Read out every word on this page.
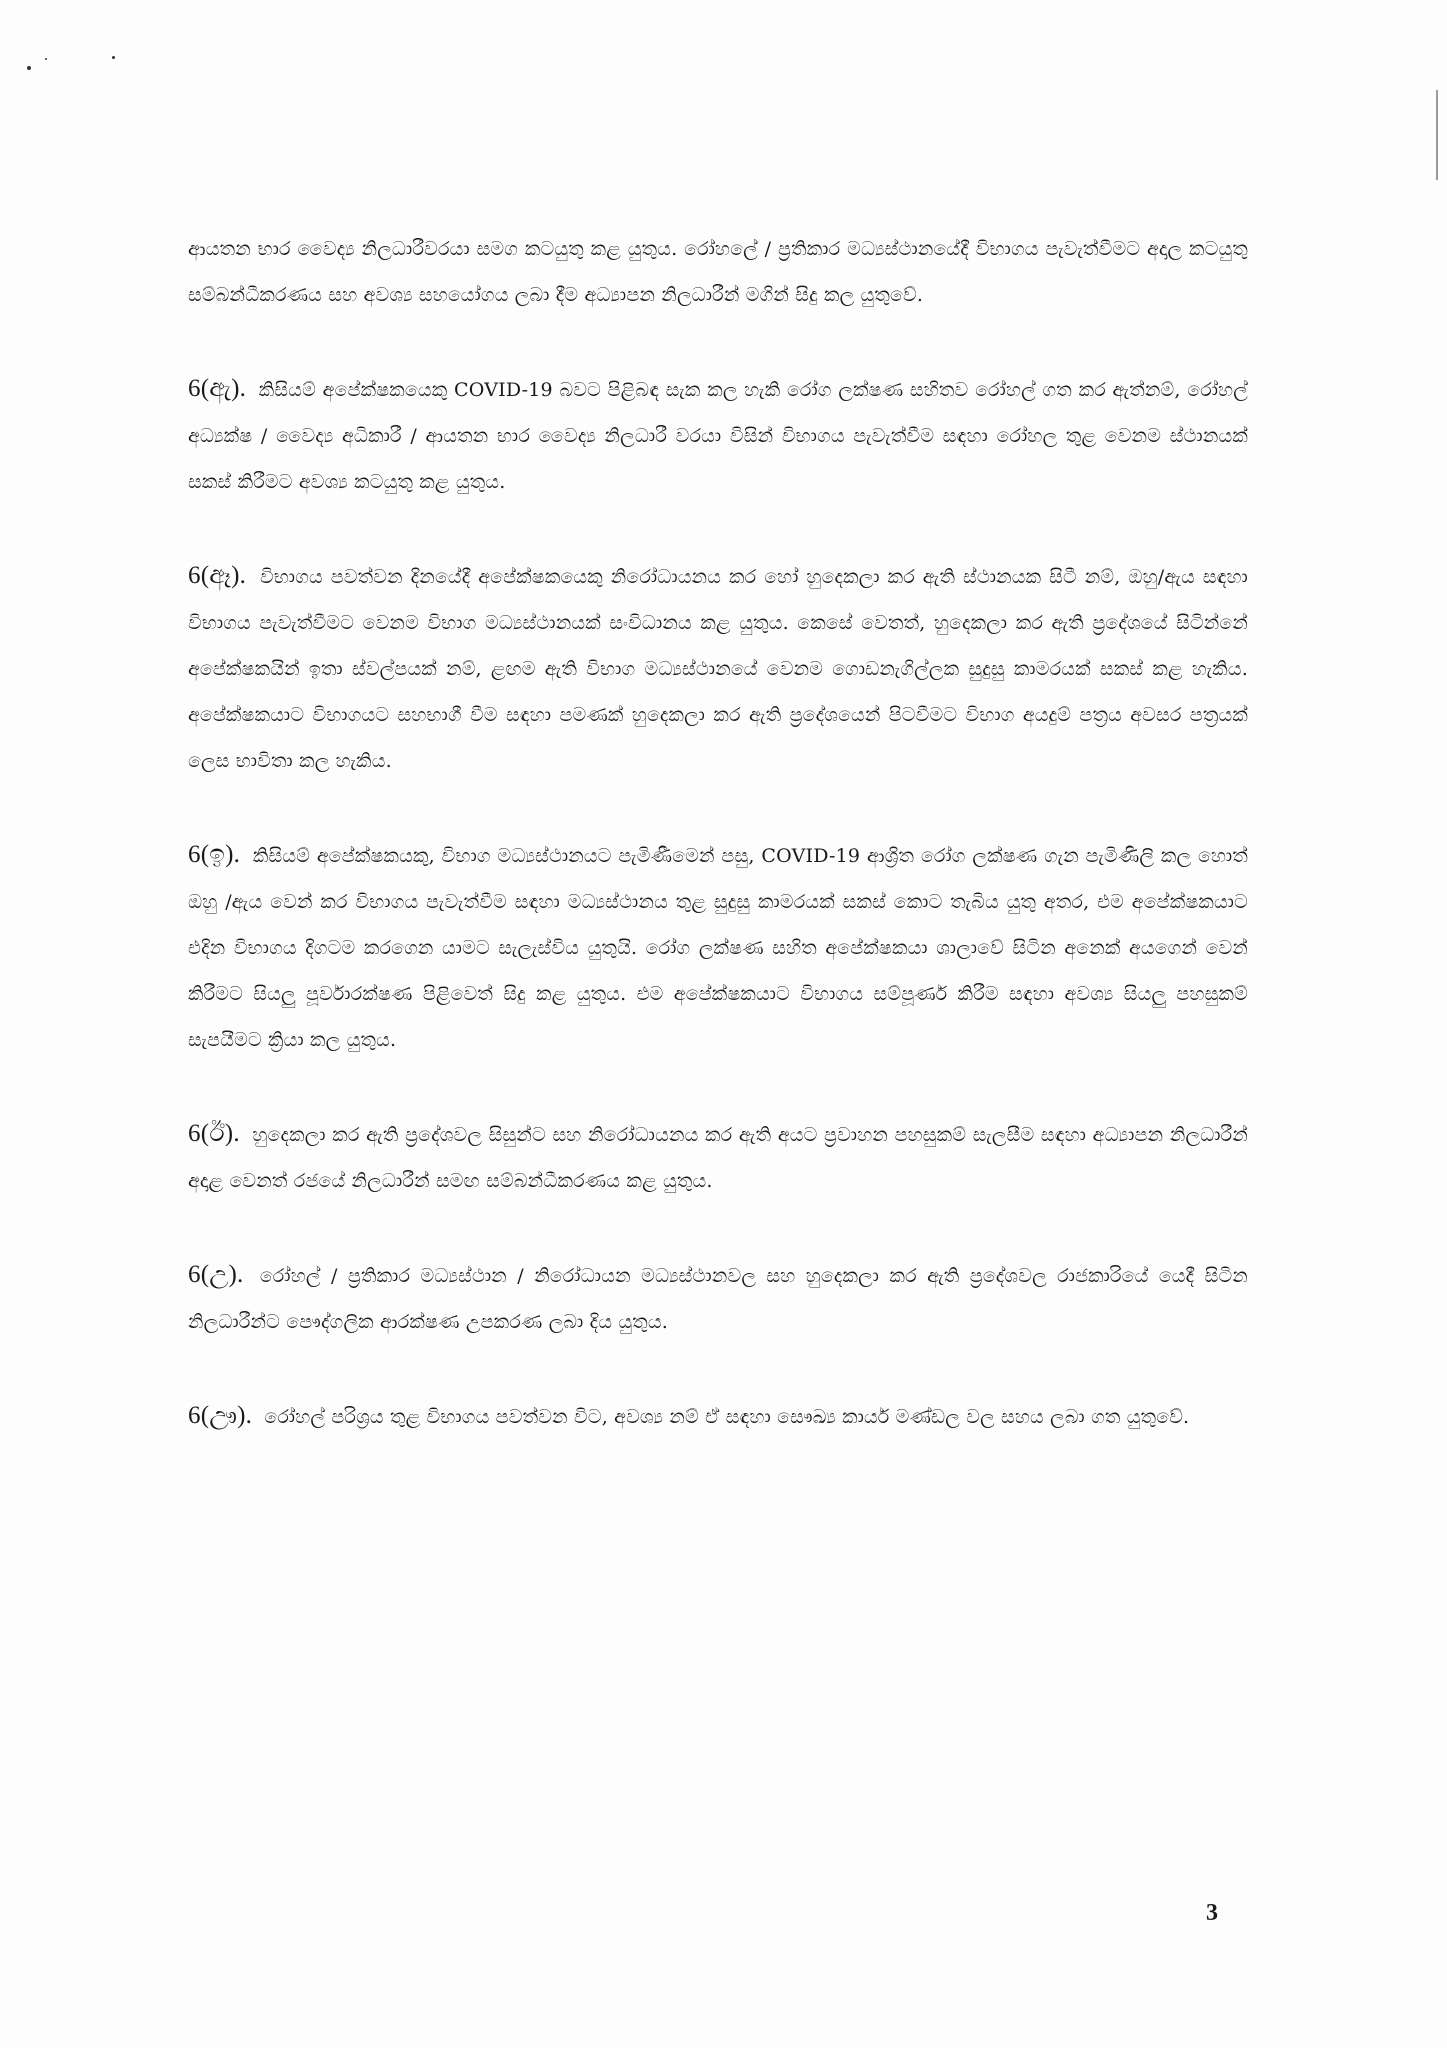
ආයතන භාර වෛද්‍ය නිලධාරීවරයා සමග කටයුතු කළ යුතුය. රෝහලේ / ප්‍රතිකාර මධ්‍යස්ථානයේදී විභාගය පැවැත්වීමට අදාල කටයුතු සම්බන්ධීකරණය සහ අවශ්‍ය සහයෝගය ලබා දීම අධ්‍යාපන නිලධාරීන් මගින් සිදු කල යුතුවේ.

6(ඇ). කිසියම් අපේක්ෂකයෙකු COVID-19 බවට පිළිබඳ සැක කල හැකි රෝග ලක්ෂණ සහිතව රෝහල් ගත කර ඇත්නම්, රෝහල් අධ්‍යක්ෂ / වෛද්‍ය අධිකාරී / ආයතන භාර වෛද්‍ය නිලධාරී වරයා විසින් විභාගය පැවැත්වීම සඳහා රෝහල තුළ වෙනම ස්ථානයක් සකස් කිරීමට අවශ්‍ය කටයුතු කළ යුතුය.

6(ඈ). විභාගය පවත්වන දිනයේදී අපේක්ෂකයෙකු නිරෝධායනය කර හෝ හුදෙකලා කර ඇති ස්ථානයක සිටී නම්, ඔහු/ඇය සඳහා විභාගය පැවැත්වීමට වෙනම විභාග මධ්‍යස්ථානයක් සංවිධානය කළ යුතුය. කෙසේ වෙතත්, හුදෙකලා කර ඇති ප්‍රදේශයේ සිටින්නේ අපේක්ෂකයින් ඉතා ස්වල්පයක් නම්, ළඟම ඇති විභාග මධ්‍යස්ථානයේ වෙනම ගොඩනැගිල්ලක සුදුසු කාමරයක් සකස් කළ හැකිය. අපේක්ෂකයාට විභාගයට සහභාගී වීම සඳහා පමණක් හුදෙකලා කර ඇති ප්‍රදේශයෙන් පිටවීමට විභාග අයදුම් පත්‍රය අවසර පත්‍රයක් ලෙස භාවිතා කල හැකිය.

6(ඉ). කිසියම් අපේක්ෂකයකු, විභාග මධ්‍යස්ථානයට පැමිණීමෙන් පසු, COVID-19 ආශ්‍රිත රෝග ලක්ෂණ ගැන පැමිණිලි කල හොත් ඔහු /ඇය වෙන් කර විභාගය පැවැත්වීම සඳහා මධ්‍යස්ථානය තුළ සුදුසු කාමරයක් සකස් කොට තැබිය යුතු අතර, එම අපේක්ෂකයාට එදින විභාගය දිගටම කරගෙන යාමට සැලැස්විය යුතුයි. රෝග ලක්ෂණ සහිත අපේක්ෂකයා ශාලාවේ සිටින අනෙක් අයගෙන් වෙන් කිරීමට සියලු පූර්වාරක්ෂණ පිළිවෙත් සිදු කළ යුතුය. එම අපේක්ෂකයාට විභාගය සම්පූර්ණ කිරීම සඳහා අවශ්‍ය සියලු පහසුකම් සැපයීමට ක්‍රියා කල යුතුය.

6(ඊ). හුදෙකලා කර ඇති ප්‍රදේශවල සිසුන්ට සහ නිරෝධායනය කර ඇති අයට ප්‍රවාහන පහසුකම් සැලසීම සඳහා අධ්‍යාපන නිලධාරීන් අදාළ වෙනත් රජයේ නිලධාරීන් සමඟ සම්බන්ධීකරණය කළ යුතුය.

6(උ). රෝහල් / ප්‍රතිකාර මධ්‍යස්ථාන / නිරෝධායන මධ්‍යස්ථානවල සහ හුදෙකලා කර ඇති ප්‍රදේශවල රාජකාරියේ යෙදී සිටින නිලධාරීන්ට පෞද්ගලික ආරක්ෂණ උපකරණ ලබා දිය යුතුය.

6(ඌ). රෝහල් පරිශ්‍රය තුළ විභාගය පවත්වන විට, අවශ්‍ය නම් ඒ සඳහා සෞඛ්‍ය කාර්ය මණ්ඩල වල සහය ලබා ගත යුතුවේ.

3
